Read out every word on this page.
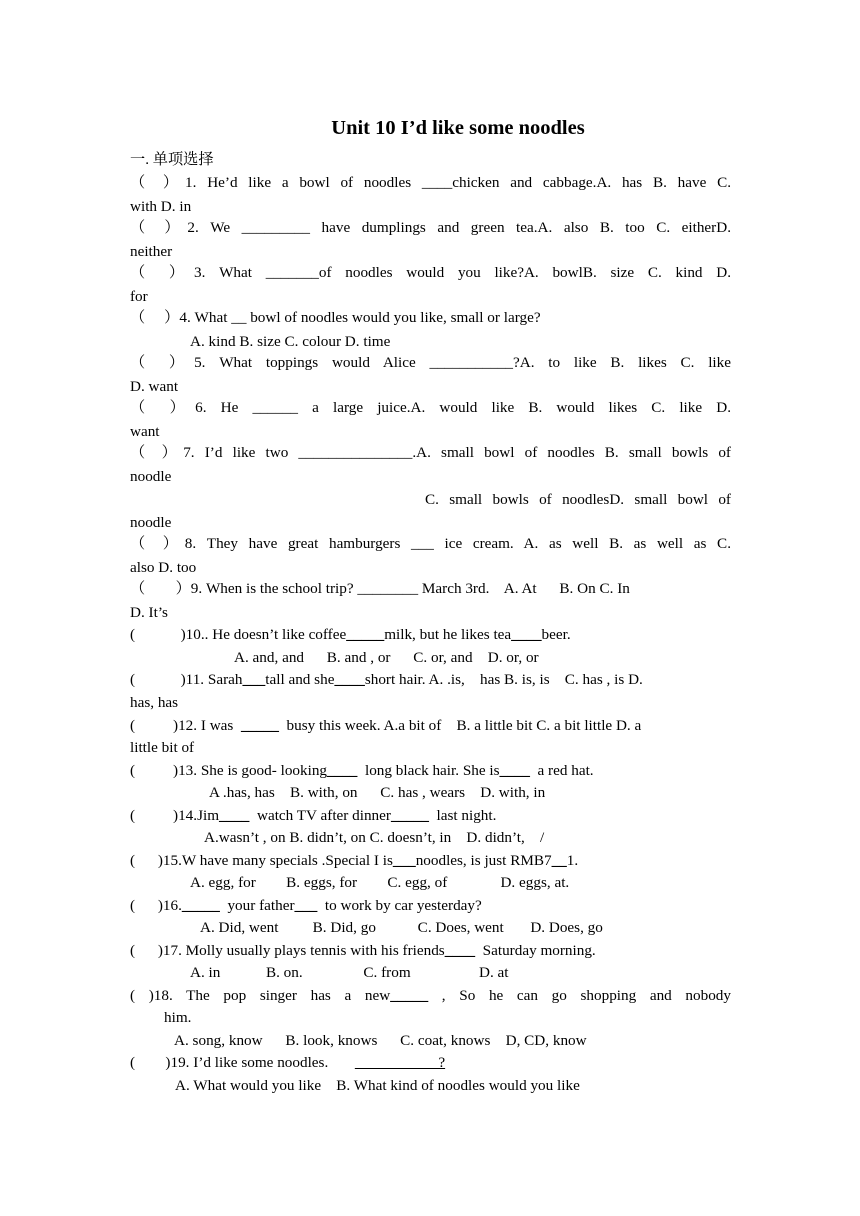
Unit 10 I’d like some noodles
一. 单项选择
（ ）1. He’d like a bowl of noodles ____chicken and cabbage.A. has B. have C.
with D. in
（ ）2. We _________ have dumplings and green tea.A. also B. too C. eitherD.
neither
（ ）3. What _______of noodles would you like?A. bowlB. size C. kind D.
for
（     ）4. What __ bowl of noodles would you like, small or large?
A. kind B. size C. colour D. time
（ ）5. What toppings would Alice ___________?A. to like B. likes C. like
D. want
（ ）6. He ______ a large juice.A. would like B. would likes C. like D.
want
（ ）7. I’d like two _______________.A. small bowl of noodles B. small bowls of
noodle
C. small bowls of noodlesD. small bowl of
noodle
（ ）8. They have great hamburgers ___ ice cream. A. as well B. as well as C.
also D. too
（        ）9. When is the school trip? ________ March 3rd.    A. At      B. On C. In
D. It’s
(            )10.. He doesn’t like coffee_____milk, but he likes tea____beer.
A. and, and      B. and , or      C. or, and    D. or, or
(            )11. Sarah___tall and she____short hair. A. .is,    has B. is, is    C. has , is D.
has, has
(          )12. I was  _____  busy this week. A.a bit of    B. a little bit C. a bit little D. a
little bit of
(          )13. She is good- looking____  long black hair. She is____  a red hat.
A .has, has    B. with, on      C. has , wears    D. with, in
(          )14.Jim____  watch TV after dinner_____  last night.
A.wasn’t , on B. didn’t, on C. doesn’t, in    D. didn’t,    /
(      )15.W have many specials .Special I is___noodles, is just RMB7__1.
A. egg, for        B. eggs, for        C. egg, of              D. eggs, at.
(      )16._____  your father___  to work by car yesterday?
A. Did, went         B. Did, go           C. Does, went       D. Does, go
(      )17. Molly usually plays tennis with his friends____  Saturday morning.
A. in            B. on.                C. from                  D. at
( )18. The pop singer has a new_____ , So he can go shopping and nobody
him.
A. song, know      B. look, knows      C. coat, knows    D, CD, know
(        )19. I’d like some noodles.                             ?
A. What would you like    B. What kind of noodles would you like
